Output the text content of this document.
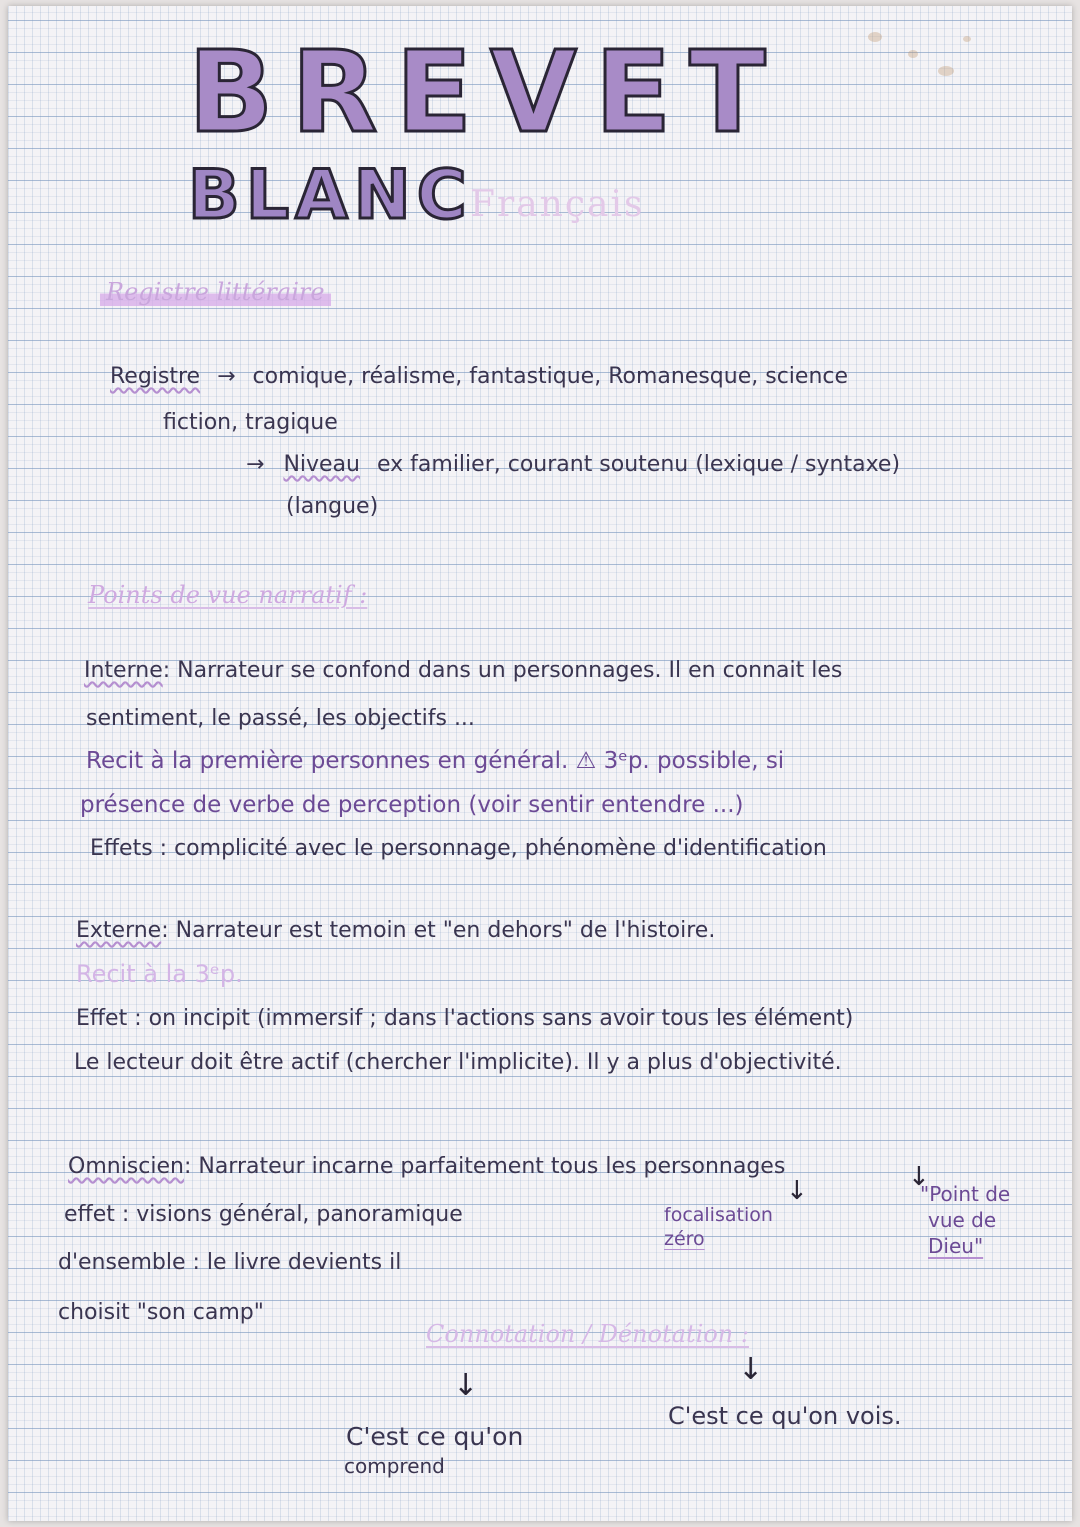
BREVET
BLANC
Français
Registre littéraire
Registre → comique, réalisme, fantastique, Romanesque, science
fiction, tragique
→ Niveau ex familier, courant soutenu (lexique / syntaxe)
(langue)
Points de vue narratif :
Interne: Narrateur se confond dans un personnages. Il en connait les
sentiment, le passé, les objectifs ...
Recit à la première personnes en général. ⚠ 3ᵉp. possible, si
présence de verbe de perception (voir sentir entendre ...)
Effets : complicité avec le personnage, phénomène d'identification
Externe: Narrateur est temoin et "en dehors" de l'histoire.
Recit à la 3ᵉp.
Effet : on incipit (immersif ; dans l'actions sans avoir tous les élément)
Le lecteur doit être actif (chercher l'implicite). Il y a plus d'objectivité.
Omniscien: Narrateur incarne parfaitement tous les personnages
effet : visions général, panoramique
d'ensemble : le livre devients il
choisit "son camp"
↓	↓
focalisation
zéro
"Point de
vue de
Dieu"
Connotation / Dénotation :
↓	↓
C'est ce qu'on
comprend
C'est ce qu'on vois.
